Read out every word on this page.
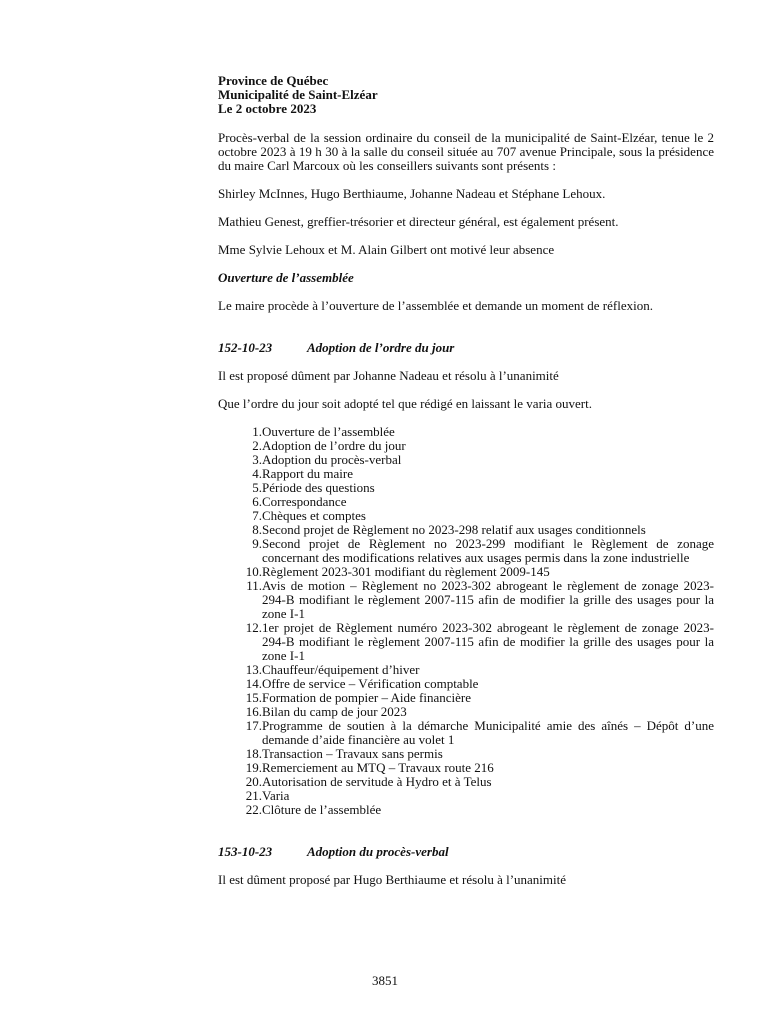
Province de Québec
Municipalité de Saint-Elzéar
Le 2 octobre 2023

Procès-verbal de la session ordinaire du conseil de la municipalité de Saint-Elzéar, tenue le 2 octobre 2023 à 19 h 30 à la salle du conseil située au 707 avenue Principale, sous la présidence du maire Carl Marcoux où les conseillers suivants sont présents :

Shirley McInnes, Hugo Berthiaume, Johanne Nadeau et Stéphane Lehoux.

Mathieu Genest, greffier-trésorier et directeur général, est également présent.

Mme Sylvie Lehoux et M. Alain Gilbert ont motivé leur absence

Ouverture de l’assemblée

Le maire procède à l’ouverture de l’assemblée et demande un moment de réflexion.

152-10-23	Adoption de l’ordre du jour

Il est proposé dûment par Johanne Nadeau et résolu à l’unanimité

Que l’ordre du jour soit adopté tel que rédigé en laissant le varia ouvert.

1. Ouverture de l’assemblée
2. Adoption de l’ordre du jour
3. Adoption du procès-verbal
4. Rapport du maire
5. Période des questions
6. Correspondance
7. Chèques et comptes
8. Second projet de Règlement no 2023-298 relatif aux usages conditionnels
9. Second projet de Règlement no 2023-299 modifiant le Règlement de zonage concernant des modifications relatives aux usages permis dans la zone industrielle
10. Règlement 2023-301 modifiant du règlement 2009-145
11. Avis de motion – Règlement no 2023-302 abrogeant le règlement de zonage 2023-294-B modifiant le règlement 2007-115 afin de modifier la grille des usages pour la zone I-1
12. 1er projet de Règlement numéro 2023-302 abrogeant le règlement de zonage 2023-294-B modifiant le règlement 2007-115 afin de modifier la grille des usages pour la zone I-1
13. Chauffeur/équipement d’hiver
14. Offre de service – Vérification comptable
15. Formation de pompier – Aide financière
16. Bilan du camp de jour 2023
17. Programme de soutien à la démarche Municipalité amie des aînés – Dépôt d’une demande d’aide financière au volet 1
18. Transaction – Travaux sans permis
19. Remerciement au MTQ – Travaux route 216
20. Autorisation de servitude à Hydro et à Telus
21. Varia
22. Clôture de l’assemblée
153-10-23	Adoption du procès-verbal

Il est dûment proposé par Hugo Berthiaume et résolu à l’unanimité

3851
